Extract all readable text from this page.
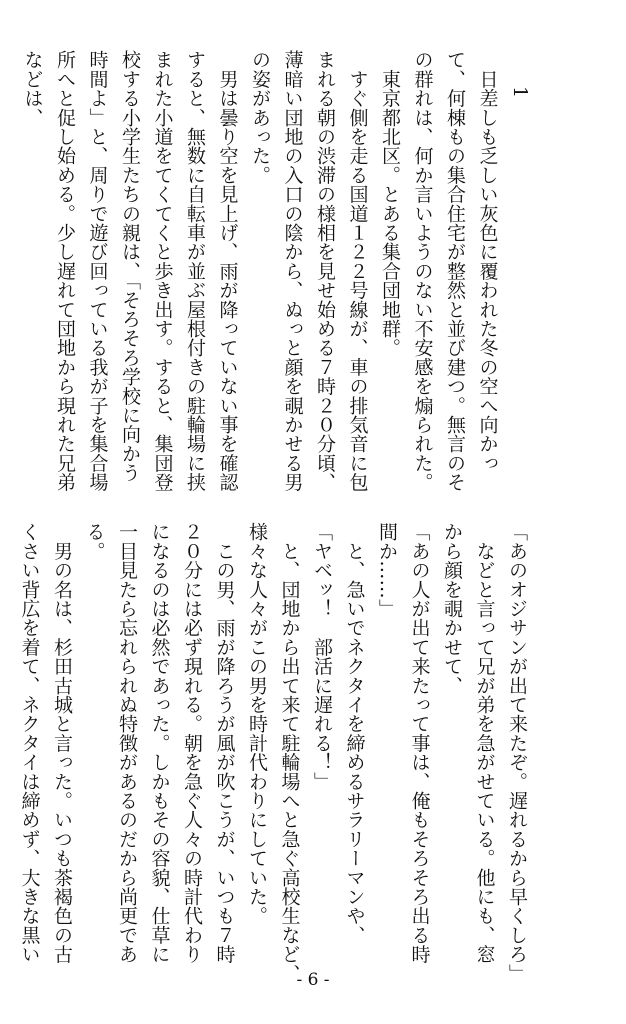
1
　日差しも乏しい灰色に覆われた冬の空へ向かっ
て、何棟もの集合住宅が整然と並び建つ。無言のそ
の群れは、何か言いようのない不安感を煽られた。
　東京都北区。とある集合団地群。
　すぐ側を走る国道１２２号線が、車の排気音に包
まれる朝の渋滞の様相を見せ始める７時２０分頃、
薄暗い団地の入口の陰から、ぬっと顔を覗かせる男
の姿があった。
　男は曇り空を見上げ、雨が降っていない事を確認
すると、無数に自転車が並ぶ屋根付きの駐輪場に挟
まれた小道をてくてくと歩き出す。すると、集団登
校する小学生たちの親は、「そろそろ学校に向かう
時間よ」と、周りで遊び回っている我が子を集合場
所へと促し始める。少し遅れて団地から現れた兄弟
などは、
「あのオジサンが出て来たぞ。遅れるから早くしろ」
　などと言って兄が弟を急がせている。他にも、窓
から顔を覗かせて、
「あの人が出て来たって事は、俺もそろそろ出る時
間か……」
　と、急いでネクタイを締めるサラリーマンや、
「ヤベッ！　部活に遅れる！」
　と、団地から出て来て駐輪場へと急ぐ高校生など、
様々な人々がこの男を時計代わりにしていた。
　この男、雨が降ろうが風が吹こうが、いつも７時
２０分には必ず現れる。朝を急ぐ人々の時計代わり
になるのは必然であった。しかもその容貌、仕草に
一目見たら忘れられぬ特徴があるのだから尚更であ
る。
　男の名は、杉田古城と言った。いつも茶褐色の古
くさい背広を着て、ネクタイは締めず、大きな黒い
- 6 -
